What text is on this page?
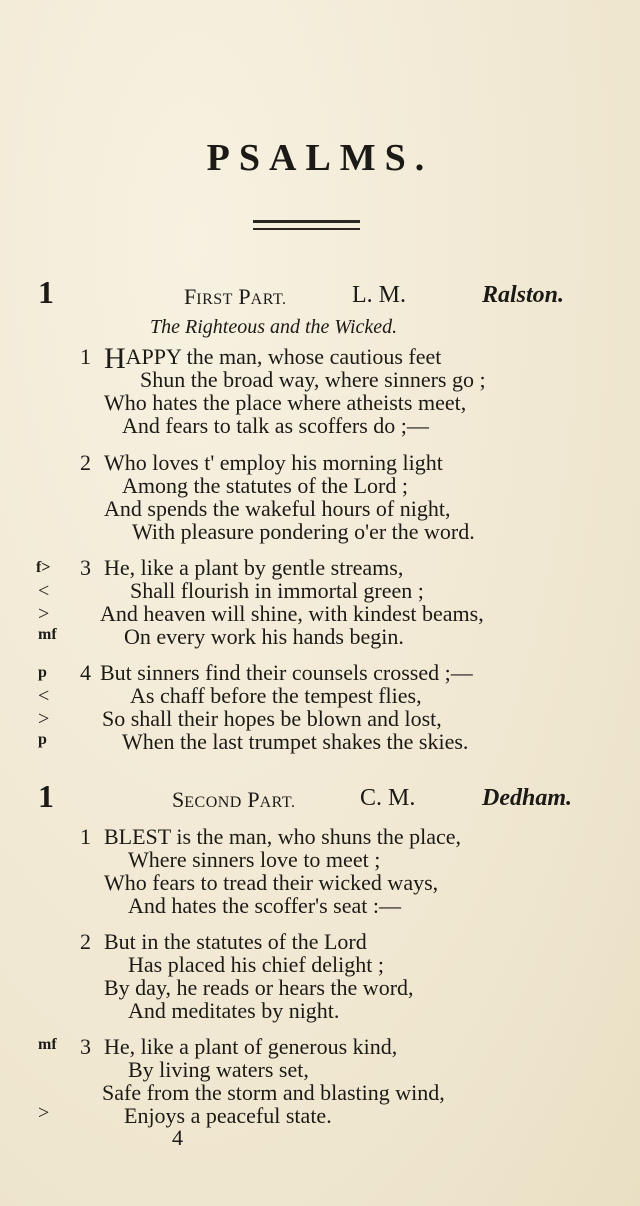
PSALMS.
1	FIRST PART.	L. M.	Ralston.
The Righteous and the Wicked.
1 HAPPY the man, whose cautious feet
Shun the broad way, where sinners go ;
Who hates the place where atheists meet,
And fears to talk as scoffers do ;—
2 Who loves t' employ his morning light
Among the statutes of the Lord ;
And spends the wakeful hours of night,
With pleasure pondering o'er the word.
f>
<
>
mf
3 He, like a plant by gentle streams,
Shall flourish in immortal green ;
And heaven will shine, with kindest beams,
On every work his hands begin.
p
<
>
p
4 But sinners find their counsels crossed ;—
As chaff before the tempest flies,
So shall their hopes be blown and lost,
When the last trumpet shakes the skies.
1	SECOND PART.	C. M.	Dedham.
1 BLEST is the man, who shuns the place,
Where sinners love to meet ;
Who fears to tread their wicked ways,
And hates the scoffer's seat :—
2 But in the statutes of the Lord
Has placed his chief delight ;
By day, he reads or hears the word,
And meditates by night.
mf
>
3 He, like a plant of generous kind,
By living waters set,
Safe from the storm and blasting wind,
Enjoys a peaceful state.
4
